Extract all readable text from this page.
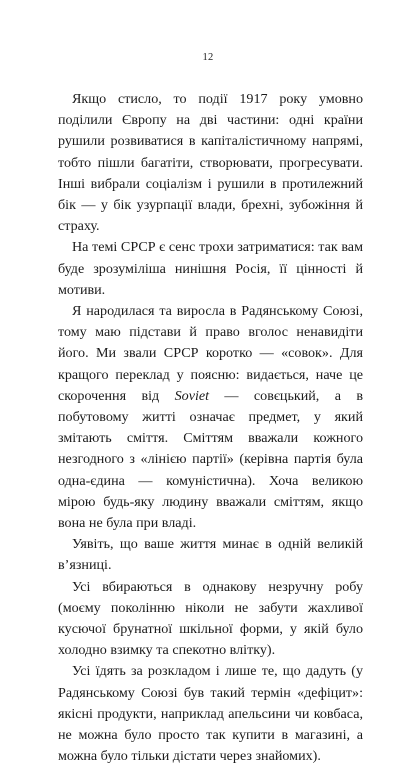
12

Якщо стисло, то події 1917 року умовно поділили Європу на дві частини: одні країни рушили розвиватися в капіталістичному напрямі, тобто пішли багатіти, створювати, прогресувати. Інші вибрали соціалізм і рушили в протилежний бік — у бік узурпації влади, брехні, зубожіння й страху.

На темі СРСР є сенс трохи затриматися: так вам буде зрозуміліша нинішня Росія, її цінності й мотиви.

Я народилася та виросла в Радянському Союзі, тому маю підстави й право вголос ненавидіти його. Ми звали СРСР коротко — «совок». Для кращого переклад у поясню: видається, наче це скорочення від Soviet — совєцький, а в побутовому житті означає предмет, у який змітають сміття. Сміттям вважали кожного незгодного з «лінією партії» (керівна партія була одна-єдина — комуністична). Хоча великою мірою будь-яку людину вважали сміттям, якщо вона не була при владі.

Уявіть, що ваше життя минає в одній великій в’язниці.

Усі вбираються в однакову незручну робу (моєму поколінню ніколи не забути жахливої кусючої брунатної шкільної форми, у якій було холодно взимку та спекотно влітку).

Усі їдять за розкладом і лише те, що дадуть (у Радянському Союзі був такий термін «дефіцит»: якісні продукти, наприклад апельсини чи ковбаса, не можна було просто так купити в магазині, а можна було тільки дістати через знайомих).
